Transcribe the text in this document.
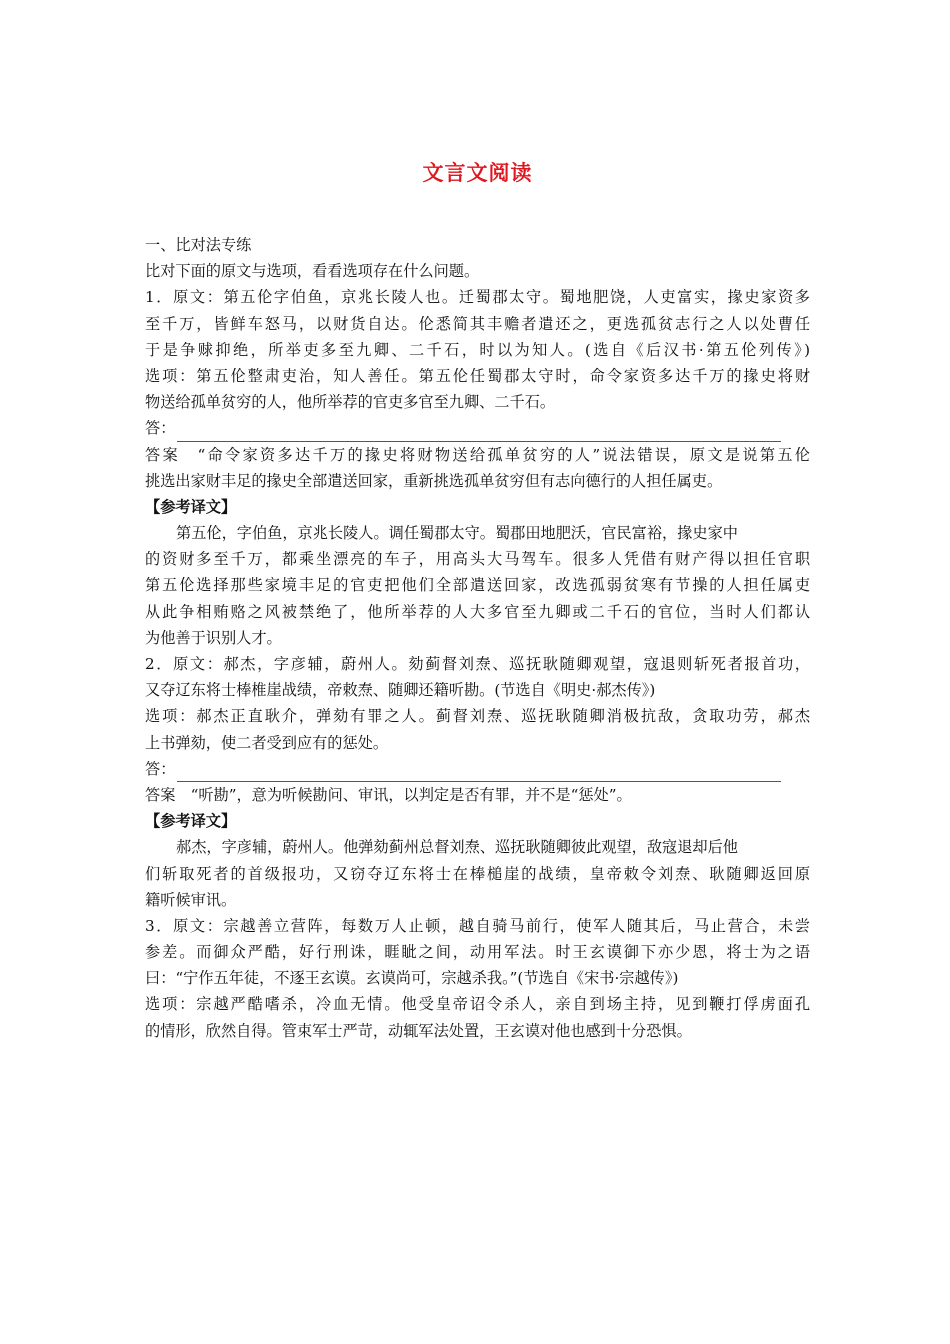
文言文阅读
一、比对法专练
比对下面的原文与选项，看看选项存在什么问题。
1．原文：第五伦字伯鱼，京兆长陵人也。迁蜀郡太守。蜀地肥饶，人吏富实，掾史家资多
至千万，皆鲜车怒马，以财货自达。伦悉简其丰赡者遣还之，更选孤贫志行之人以处曹任
于是争赇抑绝，所举吏多至九卿、二千石，时以为知人。(选自《后汉书·第五伦列传》)
选项：第五伦整肃吏治，知人善任。第五伦任蜀郡太守时，命令家资多达千万的掾史将财
物送给孤单贫穷的人，他所举荐的官吏多官至九卿、二千石。
答：
答案　“命令家资多达千万的掾史将财物送给孤单贫穷的人”说法错误，原文是说第五伦
挑选出家财丰足的掾史全部遣送回家，重新挑选孤单贫穷但有志向德行的人担任属吏。
【参考译文】
第五伦，字伯鱼，京兆长陵人。调任蜀郡太守。蜀郡田地肥沃，官民富裕，掾史家中
的资财多至千万，都乘坐漂亮的车子，用高头大马驾车。很多人凭借有财产得以担任官职
第五伦选择那些家境丰足的官吏把他们全部遣送回家，改选孤弱贫寒有节操的人担任属吏
从此争相贿赂之风被禁绝了，他所举荐的人大多官至九卿或二千石的官位，当时人们都认
为他善于识别人才。
2．原文：郝杰，字彦辅，蔚州人。劾蓟督刘焘、巡抚耿随卿观望，寇退则斩死者报首功，
又夺辽东将士棒椎崖战绩，帝敕焘、随卿还籍听勘。(节选自《明史·郝杰传》)
选项：郝杰正直耿介，弹劾有罪之人。蓟督刘焘、巡抚耿随卿消极抗敌，贪取功劳，郝杰
上书弹劾，使二者受到应有的惩处。
答：
答案　“听勘”，意为听候勘问、审讯，以判定是否有罪，并不是“惩处”。
【参考译文】
郝杰，字彦辅，蔚州人。他弹劾蓟州总督刘焘、巡抚耿随卿彼此观望，敌寇退却后他
们斩取死者的首级报功，又窃夺辽东将士在棒槌崖的战绩，皇帝敕令刘焘、耿随卿返回原
籍听候审讯。
3．原文：宗越善立营阵，每数万人止顿，越自骑马前行，使军人随其后，马止营合，未尝
参差。而御众严酷，好行刑诛，睚眦之间，动用军法。时王玄谟御下亦少恩，将士为之语
曰：“宁作五年徒，不逐王玄谟。玄谟尚可，宗越杀我。”(节选自《宋书·宗越传》)
选项：宗越严酷嗜杀，冷血无情。他受皇帝诏令杀人，亲自到场主持，见到鞭打俘虏面孔
的情形，欣然自得。管束军士严苛，动辄军法处置，王玄谟对他也感到十分恐惧。
